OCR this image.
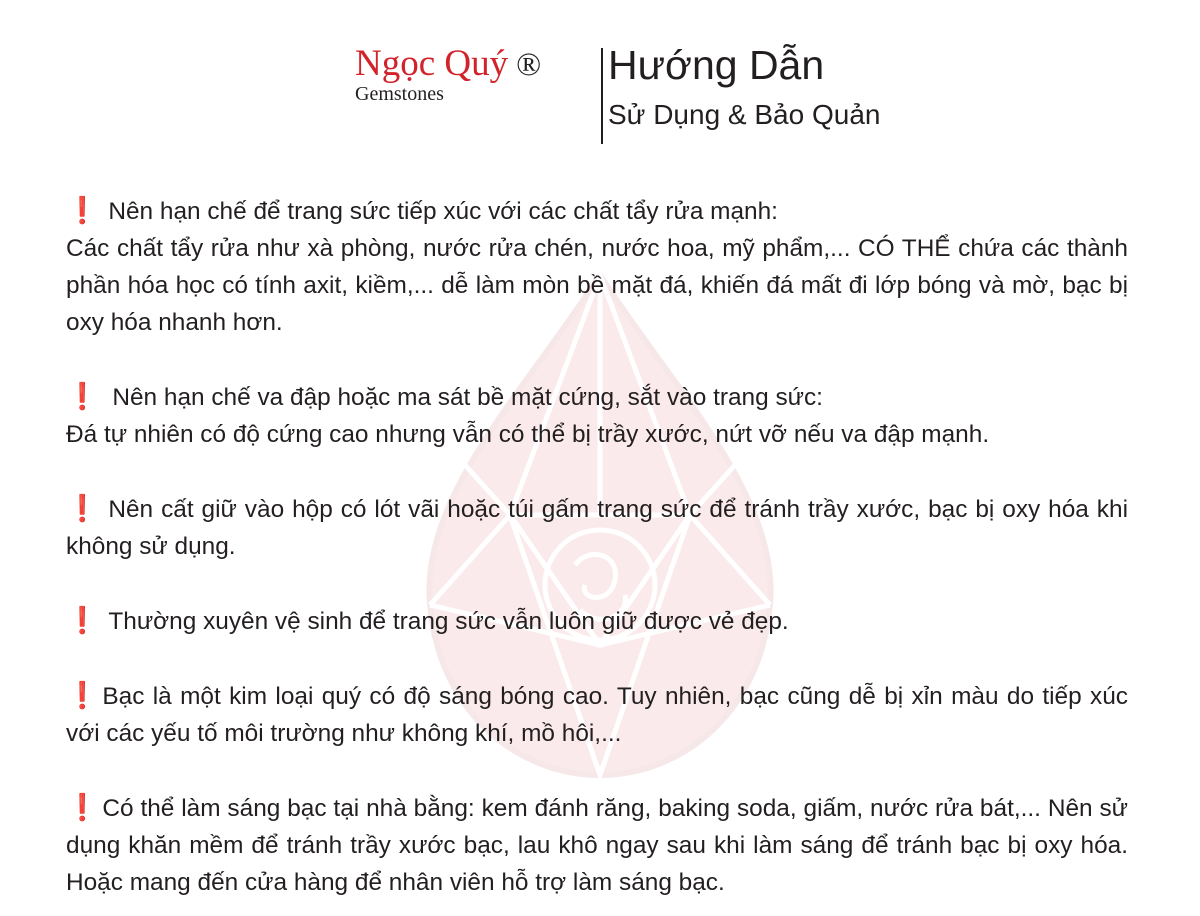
Ngọc Quý ®
Gemstones
Hướng Dẫn
Sử Dụng & Bảo Quản
❗ Nên hạn chế để trang sức tiếp xúc với các chất tẩy rửa mạnh:
Các chất tẩy rửa như xà phòng, nước rửa chén, nước hoa, mỹ phẩm,... CÓ THỂ chứa các thành phần hóa học có tính axit, kiềm,... dễ làm mòn bề mặt đá, khiến đá mất đi lớp bóng và mờ, bạc bị oxy hóa nhanh hơn.
❗ Nên hạn chế va đập hoặc ma sát bề mặt cứng, sắt vào trang sức:
Đá tự nhiên có độ cứng cao nhưng vẫn có thể bị trầy xước, nứt vỡ nếu va đập mạnh.
❗ Nên cất giữ vào hộp có lót vãi hoặc túi gấm trang sức để tránh trầy xước, bạc bị oxy hóa khi không sử dụng.
❗ Thường xuyên vệ sinh để trang sức vẫn luôn giữ được vẻ đẹp.
❗ Bạc là một kim loại quý có độ sáng bóng cao. Tuy nhiên, bạc cũng dễ bị xỉn màu do tiếp xúc với các yếu tố môi trường như không khí, mồ hôi,...
❗ Có thể làm sáng bạc tại nhà bằng: kem đánh răng, baking soda, giấm, nước rửa bát,... Nên sử dụng khăn mềm để tránh trầy xước bạc, lau khô ngay sau khi làm sáng để tránh bạc bị oxy hóa. Hoặc mang đến cửa hàng để nhân viên hỗ trợ làm sáng bạc.
